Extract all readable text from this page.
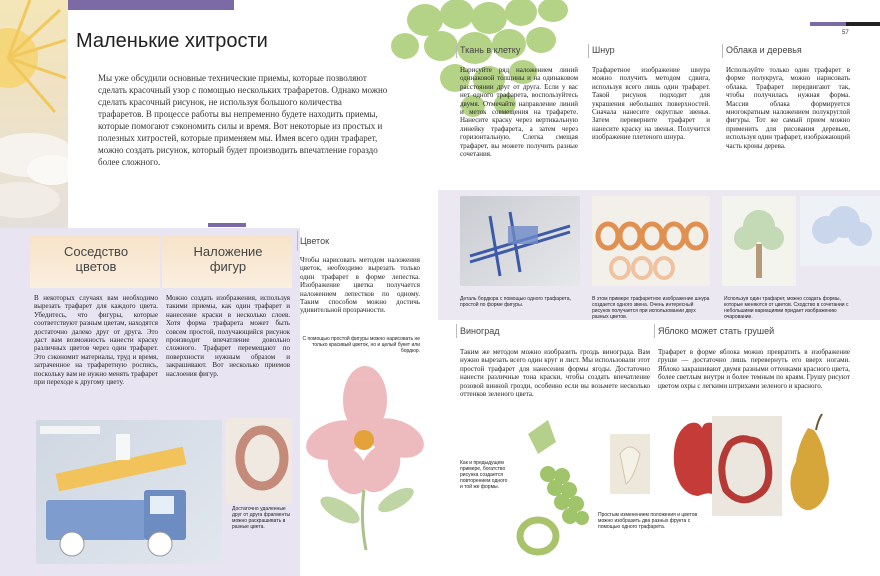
57
Маленькие хитрости
Мы уже обсудили основные технические приемы, которые позволяют сделать красочный узор с помощью нескольких трафаретов. Однако можно сделать красочный рисунок, не используя большого количества трафаретов. В процессе работы вы непременно будете находить приемы, которые помогают сэкономить силы и время. Вот некоторые из простых и полезных хитростей, которые применяем мы. Имея всего один трафарет, можно создать рисунок, который будет производить впечатление гораздо более сложного.
Соседство цветов
Наложение фигур
В некоторых случаях вам необходимо вырезать трафарет для каждого цвета. Убедитесь, что фигуры, которые соответствуют разным цветам, находятся достаточно далеко друг от друга. Это даст вам возможность нанести краску различных цветов через один трафарет. Это сэкономит материалы, труд и время, затраченное на трафаретную роспись, поскольку вам не нужно менять трафарет при переходе к другому цвету.
Можно создать изображения, используя такими приемы, как один трафарет и нанесение краски в несколько слоев. Хотя форма трафарета может быть совсем простой, получающийся рисунок производит впечатление довольно сложного. Трафарет перемещают по поверхности нужным образом и закрашивают. Вот несколько приемов наслоения фигур.
Достаточно удаленные друг от друга фрагменты можно раскрашивать в разные цвета.
Цветок
Чтобы нарисовать методом наложения цветок, необходимо вырезать только один трафарет в форме лепестка. Изображение цветка получается наложением лепестков по одному. Таким способом можно достичь удивительной прозрачности.
С помощью простой фигуры можно нарисовать не только красивый цветок, но и целый букет или бордюр.
Ткань в клетку
Нарисуйте ряд наложением линий одинаковой толщины и на одинаковом расстоянии друг от друга. Если у вас нет одного трафарета, воспользуйтесь двумя. Отмечайте направление линий и меток совмещения на трафарете. Нанесите краску через вертикальную линейку трафарета, а затем через горизонтальную. Слегка смещая трафарет, вы можете получить разные сочетания.
Шнур
Трафаретное изображение шнура можно получить методом сдвига, используя всего лишь один трафарет. Такой рисунок подходит для украшения небольших поверхностей. Сначала нанесите округлые звенья. Затем переверните трафарет и нанесите краску на звенья. Получится изображение плетеного шнура.
Облака и деревья
Используйте только один трафарет в форме полукруга, можно нарисовать облака. Трафарет передвигают так, чтобы получилась нужная форма. Массив облака формируется многократным наложением полукруглой фигуры. Тот же самый прием можно применить для рисования деревьев, используя один трафарет, изображающий часть кроны дерева.
Деталь бордюра с помощью одного трафарета, простой по форме фигуры.
В этом примере трафаретное изображение шнура создается одного звена. Очень интересный рисунок получается при использовании двух разных цветов.
Используя один трафарет, можно создать формы, которые меняются от цветов. Сходство в сочетании с небольшими вариациями придает изображению очарование.
Виноград
Таким же методом можно изобразить гроздь винограда. Вам нужно вырезать всего один круг и лист. Мы использовали этот простой трафарет для нанесения формы ягоды. Достаточно нанести различные тона краски, чтобы создать впечатление розовой винной грозди, особенно если вы возьмете несколько оттенков зеленого цвета.
Яблоко может стать грушей
Трафарет в форме яблока можно превратить в изображение груши — достаточно лишь перевернуть его вверх ногами. Яблоко закрашивают двумя разными оттенками красного цвета, более светлым внутри и более темным по краям. Грушу рисуют цветом охры с легкими штрихами зеленого и красного.
Как и предыдущем примере, богатство рисунка создается повторением одного и той же формы.
Простым изменением положения и цветов можно изобразить два разных фрукта с помощью одного трафарета.
